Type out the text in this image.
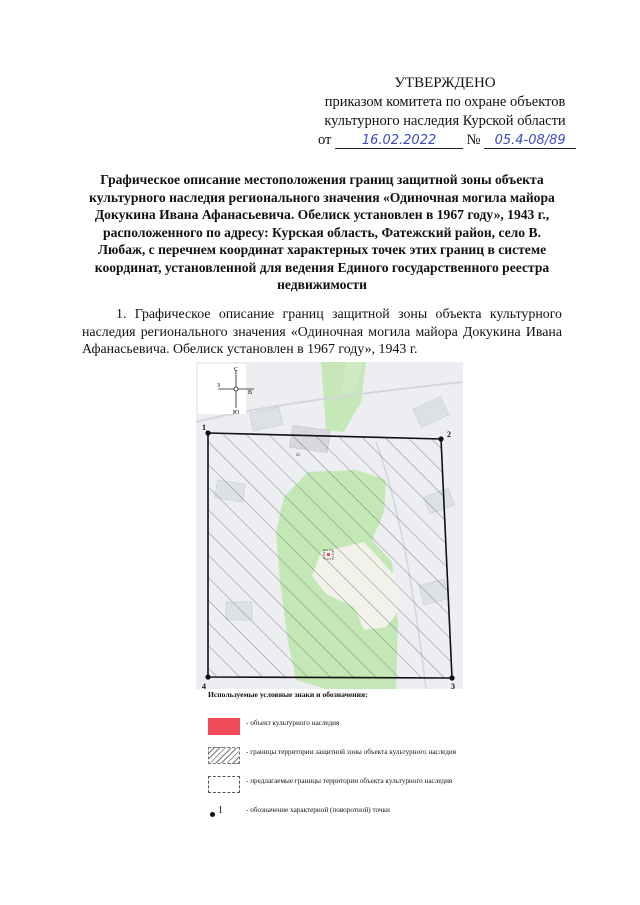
УТВЕРЖДЕНО
приказом комитета по охране объектов
культурного наследия Курской области
от 16.02.2022 № 05.4-08/89
Графическое описание местоположения границ защитной зоны объекта культурного наследия регионального значения «Одиночная могила майора Докукина Ивана Афанасьевича. Обелиск установлен в 1967 году», 1943 г., расположенного по адресу: Курская область, Фатежский район, село В. Любаж, с перечнем координат характерных точек этих границ в системе координат, установленной для ведения Единого государственного реестра недвижимости

1. Графическое описание границ защитной зоны объекта культурного наследия регионального значения «Одиночная могила майора Докукина Ивана Афанасьевича. Обелиск установлен в 1967 году», 1943 г.

⌂
1
2
3
4
С
Ю
В
З
Используемые условные знаки и обозначения:
- объект культурного наследия
- границы территории защитной зоны объекта культурного наследия
- предлагаемые границы территории объекта культурного наследия
1	- обозначение характерной (поворотной) точки
